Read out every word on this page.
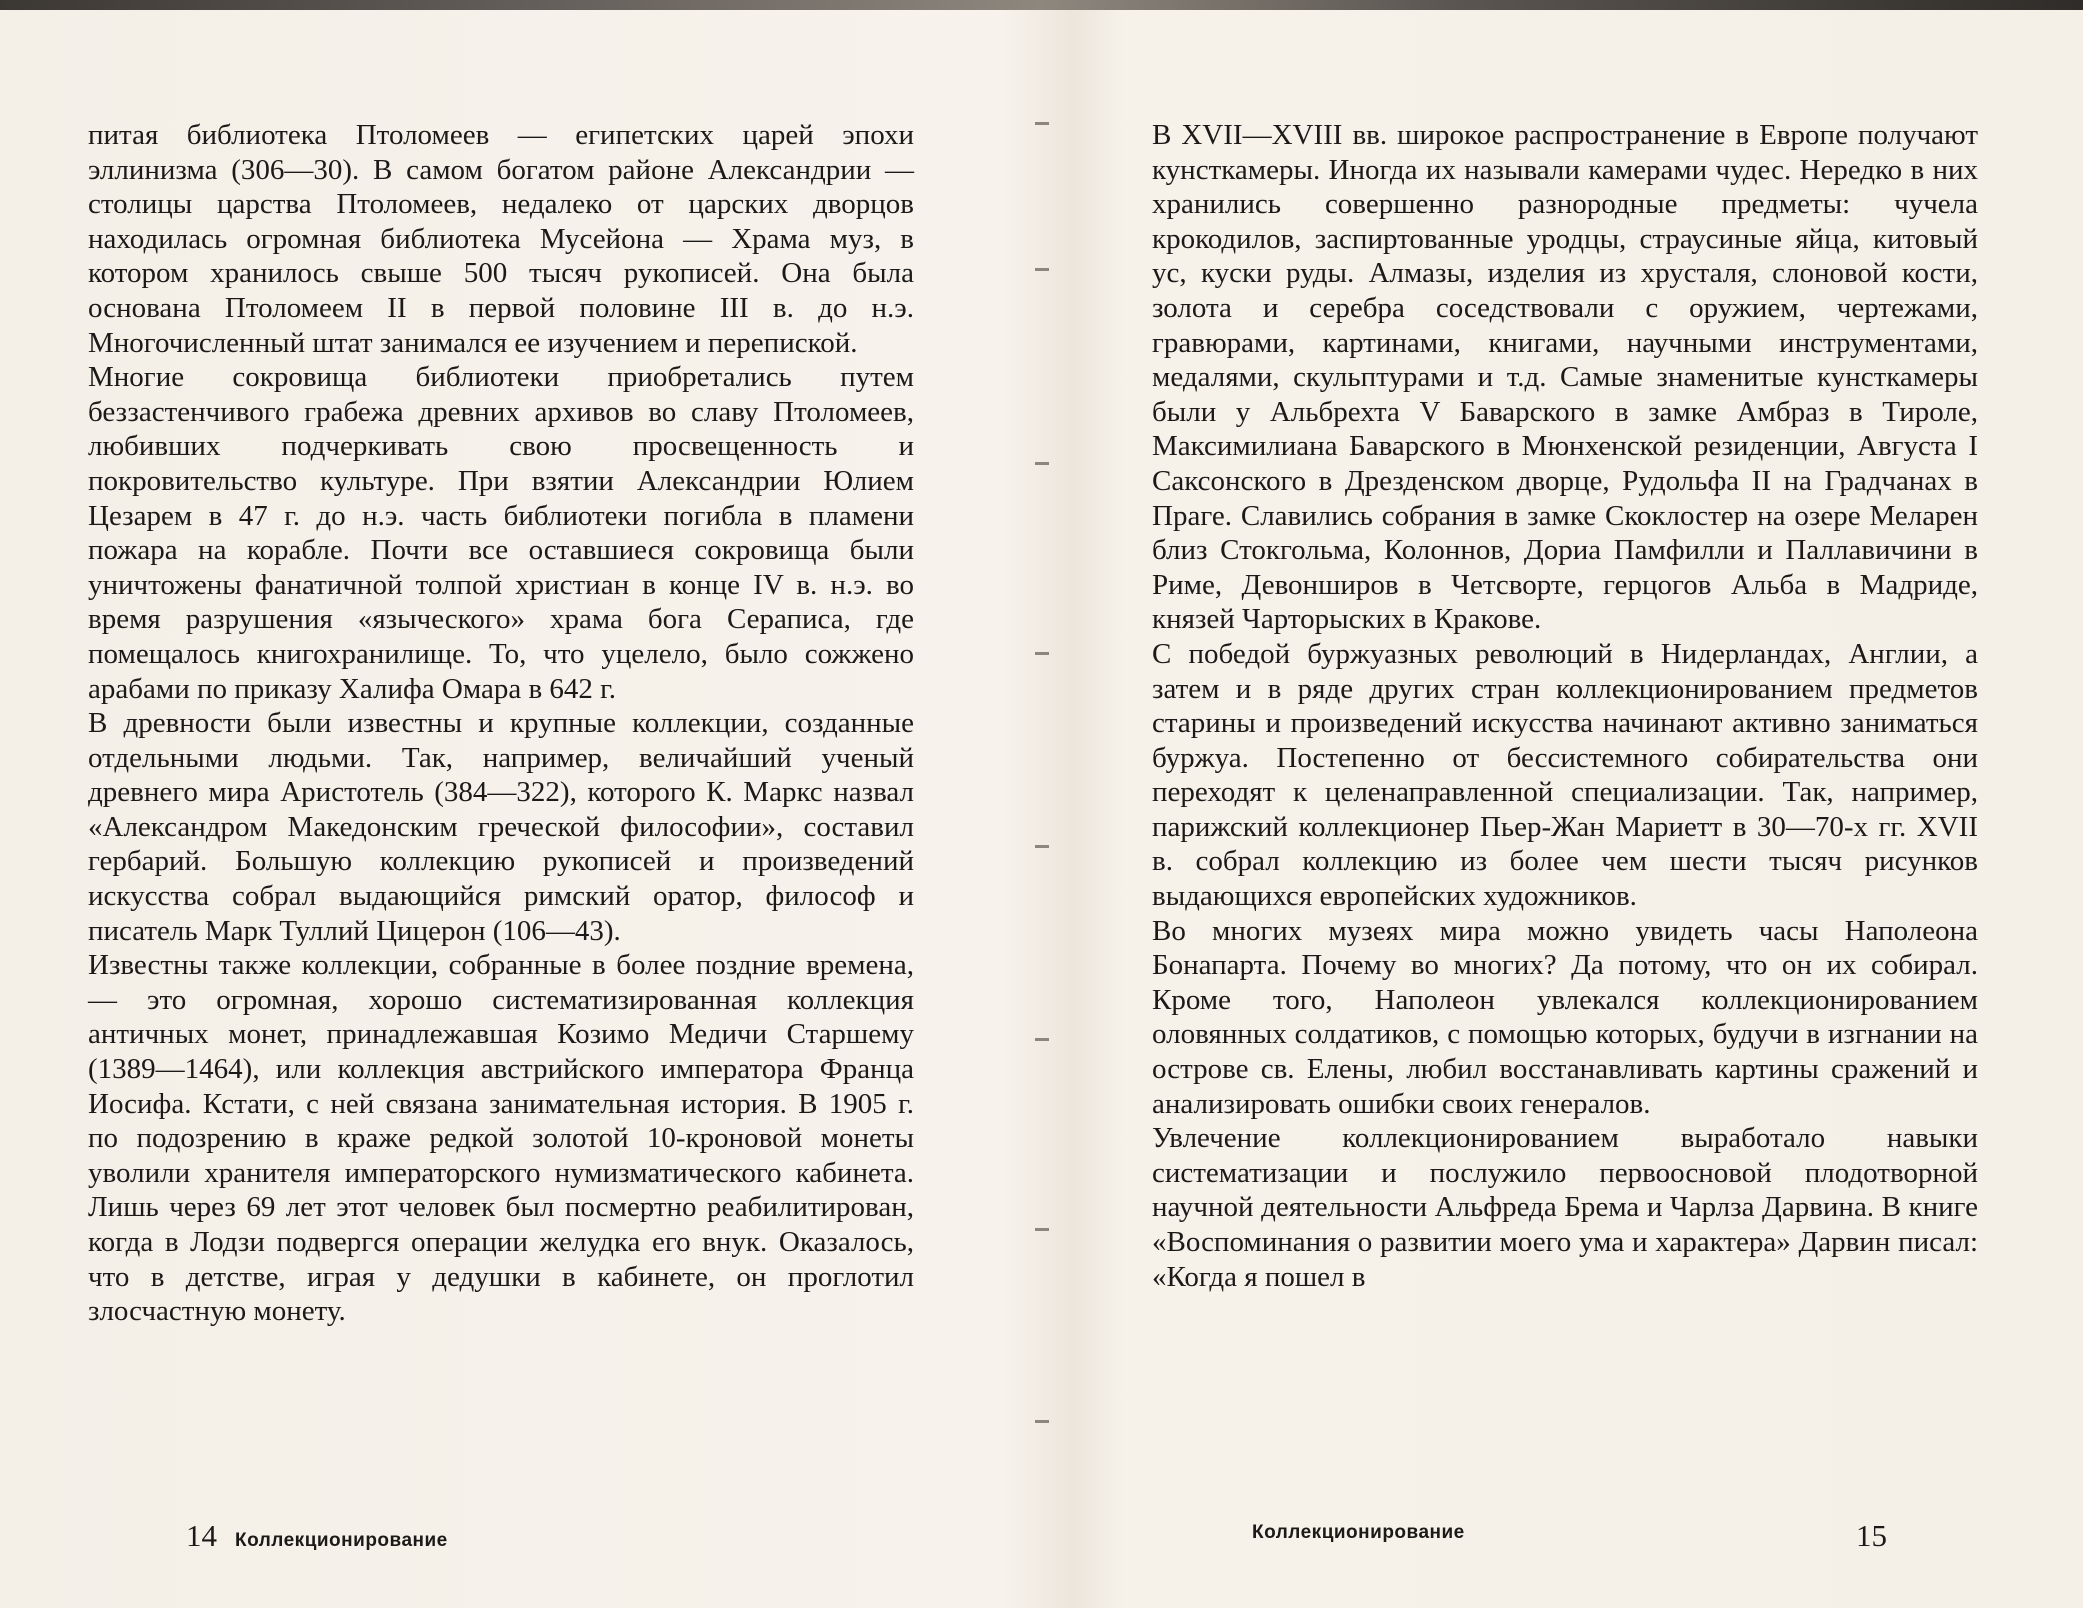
питая библиотека Птоломеев — египетских царей эпохи эллинизма (306—30). В самом богатом районе Александрии — столицы царства Птоломеев, недалеко от царских дворцов находилась огромная библиотека Мусейона — Храма муз, в котором хранилось свыше 500 тысяч рукописей. Она была основана Птоломеем II в первой половине III в. до н.э. Многочисленный штат занимался ее изучением и перепиской.

Многие сокровища библиотеки приобретались путем беззастенчивого грабежа древних архивов во славу Птоломеев, любивших подчеркивать свою просвещенность и покровительство культуре. При взятии Александрии Юлием Цезарем в 47 г. до н.э. часть библиотеки погибла в пламени пожара на корабле. Почти все оставшиеся сокровища были уничтожены фанатичной толпой христиан в конце IV в. н.э. во время разрушения «языческого» храма бога Сераписа, где помещалось книгохранилище. То, что уцелело, было сожжено арабами по приказу Халифа Омара в 642 г.

В древности были известны и крупные коллекции, созданные отдельными людьми. Так, например, величайший ученый древнего мира Аристотель (384—322), которого К. Маркс назвал «Александром Македонским греческой философии», составил гербарий. Большую коллекцию рукописей и произведений искусства собрал выдающийся римский оратор, философ и писатель Марк Туллий Цицерон (106—43).

Известны также коллекции, собранные в более поздние времена,— это огромная, хорошо систематизированная коллекция античных монет, принадлежавшая Козимо Медичи Старшему (1389—1464), или коллекция австрийского императора Франца Иосифа. Кстати, с ней связана занимательная история. В 1905 г. по подозрению в краже редкой золотой 10-кроновой монеты уволили хранителя императорского нумизматического кабинета. Лишь через 69 лет этот человек был посмертно реабилитирован, когда в Лодзи подвергся операции желудка его внук. Оказалось, что в детстве, играя у дедушки в кабинете, он проглотил злосчастную монету.

14 Коллекционирование

В XVII—XVIII вв. широкое распространение в Европе получают кунсткамеры. Иногда их называли камерами чудес. Нередко в них хранились совершенно разнородные предметы: чучела крокодилов, заспиртованные уродцы, страусиные яйца, китовый ус, куски руды. Алмазы, изделия из хрусталя, слоновой кости, золота и серебра соседствовали с оружием, чертежами, гравюрами, картинами, книгами, научными инструментами, медалями, скульптурами и т.д. Самые знаменитые кунсткамеры были у Альбрехта V Баварского в замке Амбраз в Тироле, Максимилиана Баварского в Мюнхенской резиденции, Августа I Саксонского в Дрезденском дворце, Рудольфа II на Градчанах в Праге. Славились собрания в замке Скоклостер на озере Меларен близ Стокгольма, Колоннов, Дориа Памфилли и Паллавичини в Риме, Девонширов в Четсворте, герцогов Альба в Мадриде, князей Чарторыских в Кракове.

С победой буржуазных революций в Нидерландах, Англии, а затем и в ряде других стран коллекционированием предметов старины и произведений искусства начинают активно заниматься буржуа. Постепенно от бессистемного собирательства они переходят к целенаправленной специализации. Так, например, парижский коллекционер Пьер-Жан Мариетт в 30—70-х гг. XVII в. собрал коллекцию из более чем шести тысяч рисунков выдающихся европейских художников.

Во многих музеях мира можно увидеть часы Наполеона Бонапарта. Почему во многих? Да потому, что он их собирал. Кроме того, Наполеон увлекался коллекционированием оловянных солдатиков, с помощью которых, будучи в изгнании на острове св. Елены, любил восстанавливать картины сражений и анализировать ошибки своих генералов.

Увлечение коллекционированием выработало навыки систематизации и послужило первоосновой плодотворной научной деятельности Альфреда Брема и Чарлза Дарвина. В книге «Воспоминания о развитии моего ума и характера» Дарвин писал: «Когда я пошел в

Коллекционирование	15
